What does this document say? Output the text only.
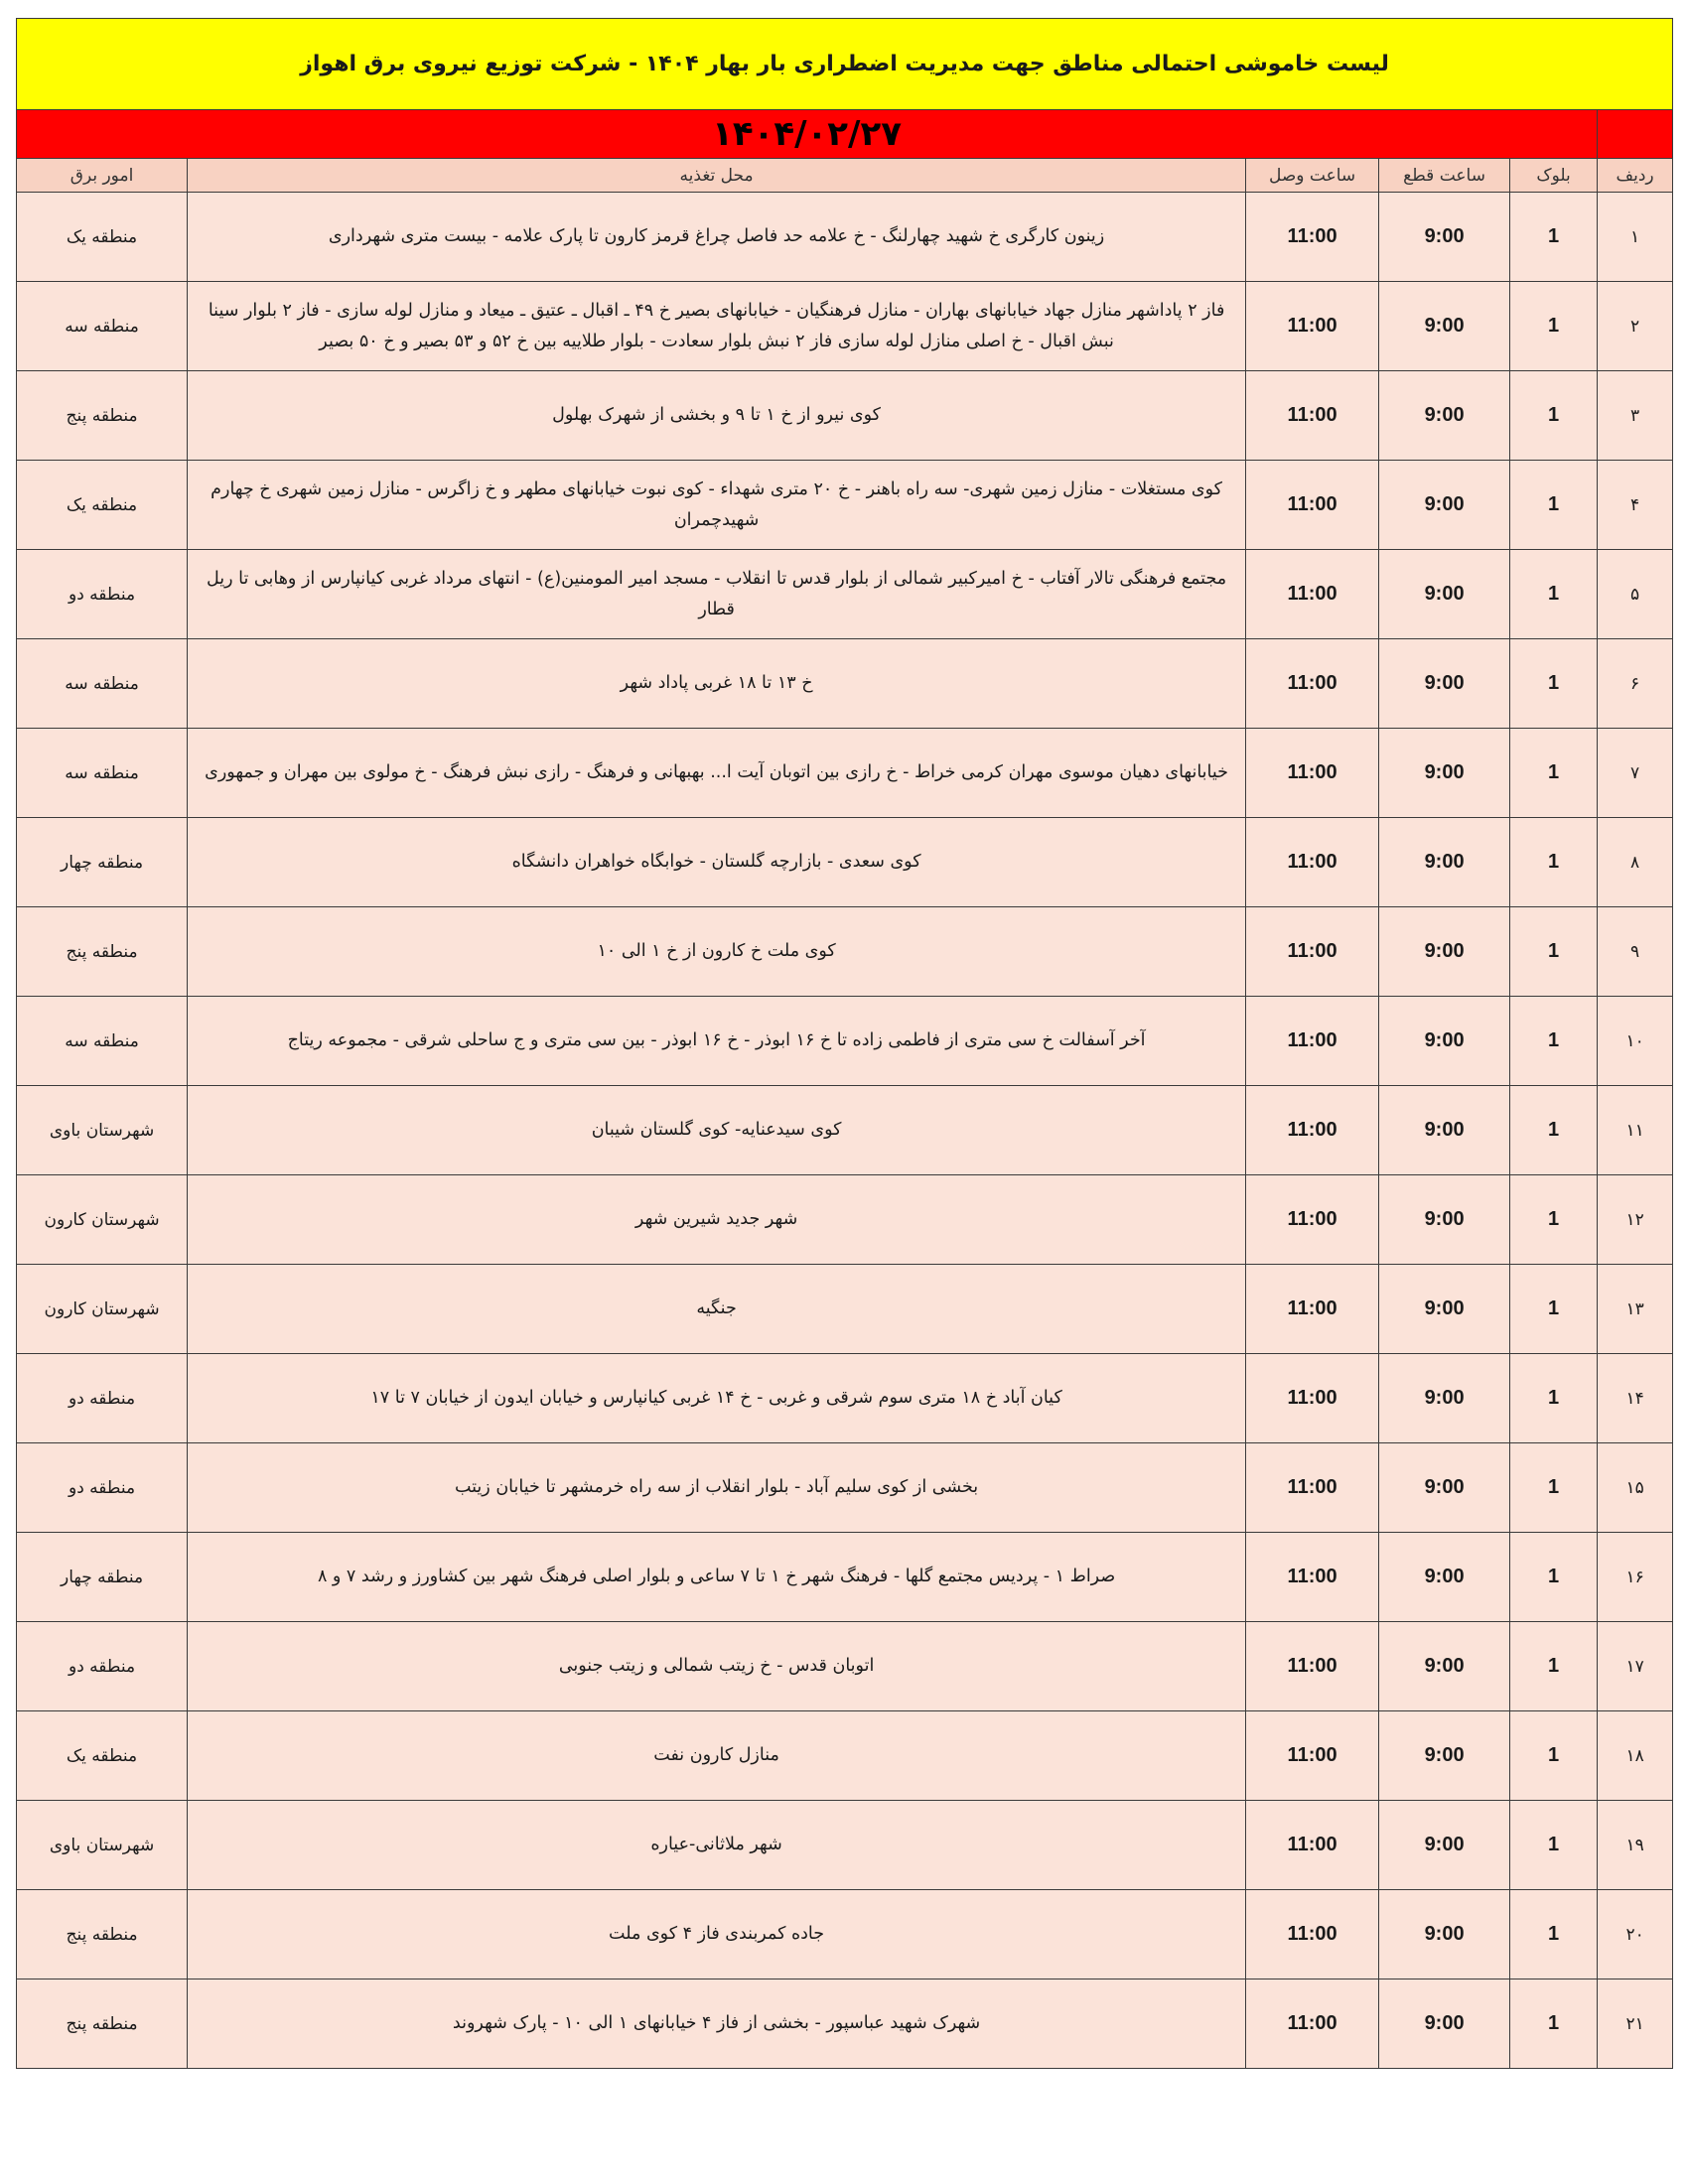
لیست خاموشی احتمالی مناطق جهت مدیریت اضطراری بار بهار ۱۴۰۴ - شرکت توزیع نیروی برق اهواز					
	۱۴۰۴/۰۲/۲۷				
ردیف	بلوک	ساعت قطع	ساعت وصل	محل تغذیه	امور برق
۱	1	9:00	11:00	زینون کارگری خ شهید چهارلنگ - خ علامه حد فاصل چراغ قرمز کارون تا پارک علامه - بیست متری شهرداری	منطقه یک
۲	1	9:00	11:00	فاز ۲ پاداشهر منازل جهاد خیابانهای بهاران - منازل فرهنگیان - خیابانهای بصیر خ ۴۹ ـ اقبال ـ عتیق ـ میعاد و منازل لوله سازی - فاز ۲ بلوار سینا نبش اقبال - خ اصلی منازل لوله سازی فاز ۲ نبش بلوار سعادت - بلوار طلاییه بین خ ۵۲ و ۵۳ بصیر و خ ۵۰ بصیر	منطقه سه
۳	1	9:00	11:00	کوی نیرو از خ ۱ تا ۹ و بخشی از شهرک بهلول	منطقه پنج
۴	1	9:00	11:00	کوی مستغلات - منازل زمین شهری- سه راه باهنر - خ ۲۰ متری شهداء - کوی نبوت خیابانهای مطهر و خ زاگرس - منازل زمین شهری خ چهارم شهیدچمران	منطقه یک
۵	1	9:00	11:00	مجتمع فرهنگی تالار آفتاب - خ امیرکبیر شمالی از بلوار قدس تا انقلاب - مسجد امیر المومنین(ع) - انتهای مرداد غربی کیانپارس از وهابی تا ریل قطار	منطقه دو
۶	1	9:00	11:00	خ ۱۳ تا ۱۸ غربی پاداد شهر	منطقه سه
۷	1	9:00	11:00	خیابانهای دهیان موسوی مهران کرمی خراط - خ رازی بین اتوبان آیت ا... بهبهانی و فرهنگ - رازی نبش فرهنگ - خ مولوی بین مهران و جمهوری	منطقه سه
۸	1	9:00	11:00	کوی سعدی - بازارچه گلستان - خوابگاه خواهران دانشگاه	منطقه چهار
۹	1	9:00	11:00	کوی ملت خ کارون از خ ۱ الی ۱۰	منطقه پنج
۱۰	1	9:00	11:00	آخر آسفالت خ سی متری از فاطمی زاده تا خ ۱۶ ابوذر - خ ۱۶ ابوذر - بین سی متری و ج ساحلی شرقی - مجموعه ریتاج	منطقه سه
۱۱	1	9:00	11:00	کوی سیدعنایه- کوی گلستان شیبان	شهرستان باوی
۱۲	1	9:00	11:00	شهر جدید شیرین شهر	شهرستان کارون
۱۳	1	9:00	11:00	جنگیه	شهرستان کارون
۱۴	1	9:00	11:00	کیان آباد خ ۱۸ متری سوم شرقی و غربی - خ ۱۴ غربی کیانپارس و خیابان ایدون از خیابان ۷ تا ۱۷	منطقه دو
۱۵	1	9:00	11:00	بخشی از کوی سلیم آباد - بلوار انقلاب از سه راه خرمشهر تا خیابان زیتب	منطقه دو
۱۶	1	9:00	11:00	صراط ۱ - پردیس مجتمع گلها - فرهنگ شهر خ ۱ تا ۷ ساعی و بلوار اصلی فرهنگ شهر بین کشاورز و رشد ۷ و ۸	منطقه چهار
۱۷	1	9:00	11:00	اتوبان قدس - خ زیتب شمالی و زیتب جنوبی	منطقه دو
۱۸	1	9:00	11:00	منازل کارون نفت	منطقه یک
۱۹	1	9:00	11:00	شهر ملاثانی-عیاره	شهرستان باوی
۲۰	1	9:00	11:00	جاده کمربندی فاز ۴ کوی ملت	منطقه پنج
۲۱	1	9:00	11:00	شهرک شهید عباسپور - بخشی از فاز ۴ خیابانهای ۱ الی ۱۰ - پارک شهروند	منطقه پنج
